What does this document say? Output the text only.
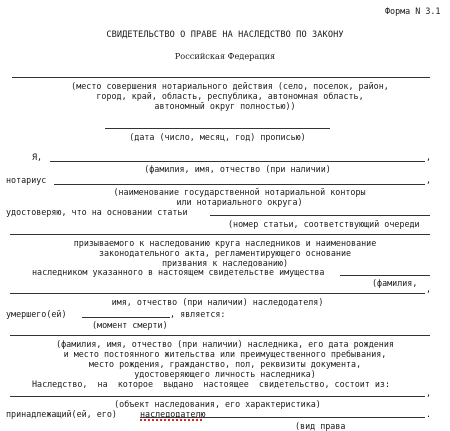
Форма N 3.1
СВИДЕТЕЛЬСТВО О ПРАВЕ НА НАСЛЕДСТВО ПО ЗАКОНУ
Российская Федерация
(место совершения нотариального действия (село, поселок, район,
город, край, область, республика, автономная область,
автономный округ полностью))
(дата (число, месяц, год) прописью)
Я,	,
(фамилия, имя, отчество (при наличии)
нотариус	,
(наименование государственной нотариальной конторы
или нотариального округа)
удостоверяю, что на основании статьи
(номер статьи, соответствующий очереди
призываемого к наследованию круга наследников и наименование
законодательного акта, регламентирующего основание
призвания к наследованию)
наследником указанного в настоящем свидетельстве имущества
(фамилия,
,
имя, отчество (при наличии) наследодателя)
умершего(ей)	, является:
(момент смерти)
(фамилия, имя, отчество (при наличии) наследника, его дата рождения
и место постоянного жительства или преимущественного пребывания,
место рождения, гражданство, пол, реквизиты документа,
удостоверяющего личность наследника)
Наследство,  на  которое  выдано  настоящее  свидетельство, состоит из:
,
(объект наследования, его характеристика)
принадлежащий(ей, его)	наследодателю	.
(вид права
